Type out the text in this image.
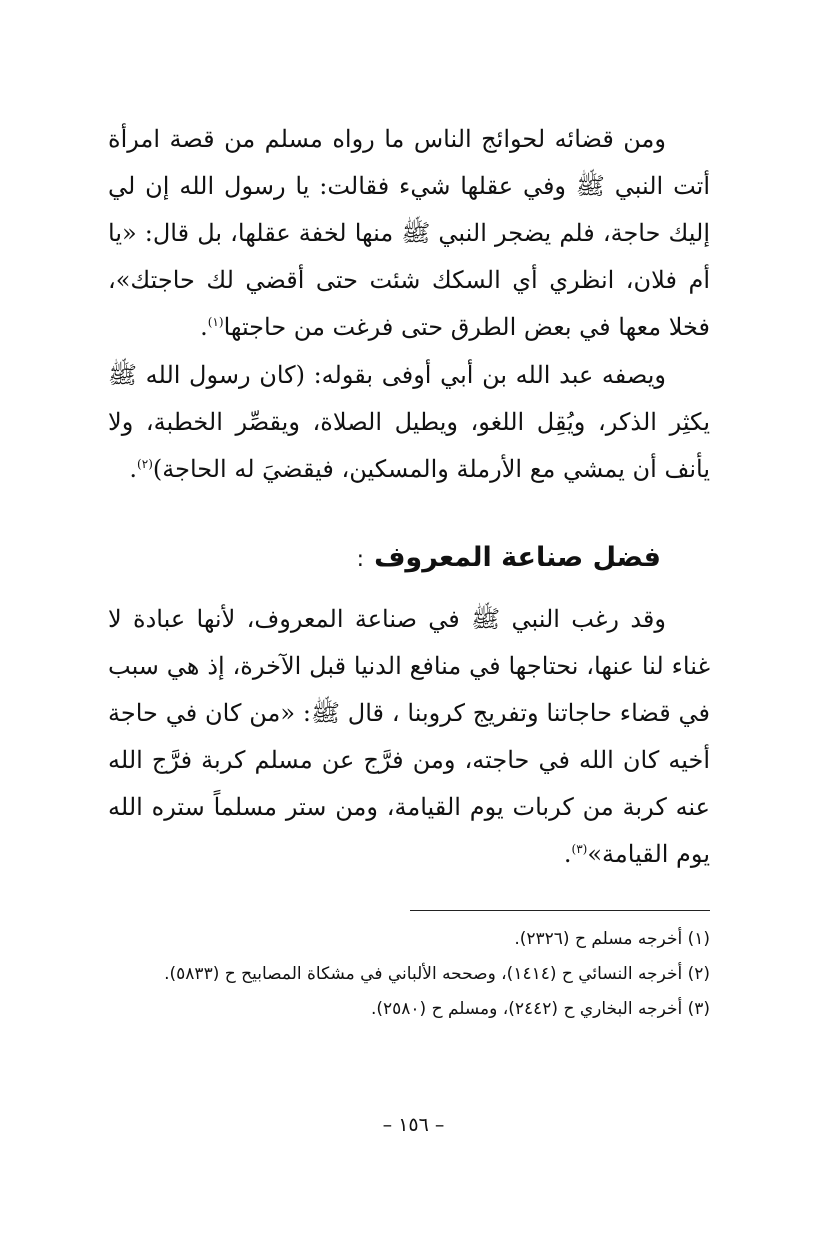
ومن قضائه لحوائج الناس ما رواه مسلم من قصة امرأة أتت النبي ﷺ وفي عقلها شيء فقالت: يا رسول الله إن لي إليك حاجة، فلم يضجر النبي ﷺ منها لخفة عقلها، بل قال: «يا أم فلان، انظري أي السكك شئت حتى أقضي لك حاجتك»، فخلا معها في بعض الطرق حتى فرغت من حاجتها$^{(١)}$.

ويصفه عبد الله بن أبي أوفى بقوله: (كان رسول الله ﷺ يكثِر الذكر، ويُقِل اللغو، ويطيل الصلاة، ويقصِّر الخطبة، ولا يأنف أن يمشي مع الأرملة والمسكين، فيقضيَ له الحاجة)$^{(٢)}$.

فضل صناعة المعروف:

وقد رغب النبي ﷺ في صناعة المعروف، لأنها عبادة لا غناء لنا عنها، نحتاجها في منافع الدنيا قبل الآخرة، إذ هي سبب في قضاء حاجاتنا وتفريج كروبنا ، قال ﷺ: «من كان في حاجة أخيه كان الله في حاجته، ومن فرَّج عن مسلم كربة فرَّج الله عنه كربة من كربات يوم القيامة، ومن ستر مسلماً ستره الله يوم القيامة»$^{(٣)}$.

(١) أخرجه مسلم ح (٢٣٢٦).

(٢) أخرجه النسائي ح (١٤١٤)، وصححه الألباني في مشكاة المصابيح ح (٥٨٣٣).

(٣) أخرجه البخاري ح (٢٤٤٢)، ومسلم ح (٢٥٨٠).

– ١٥٦ –
